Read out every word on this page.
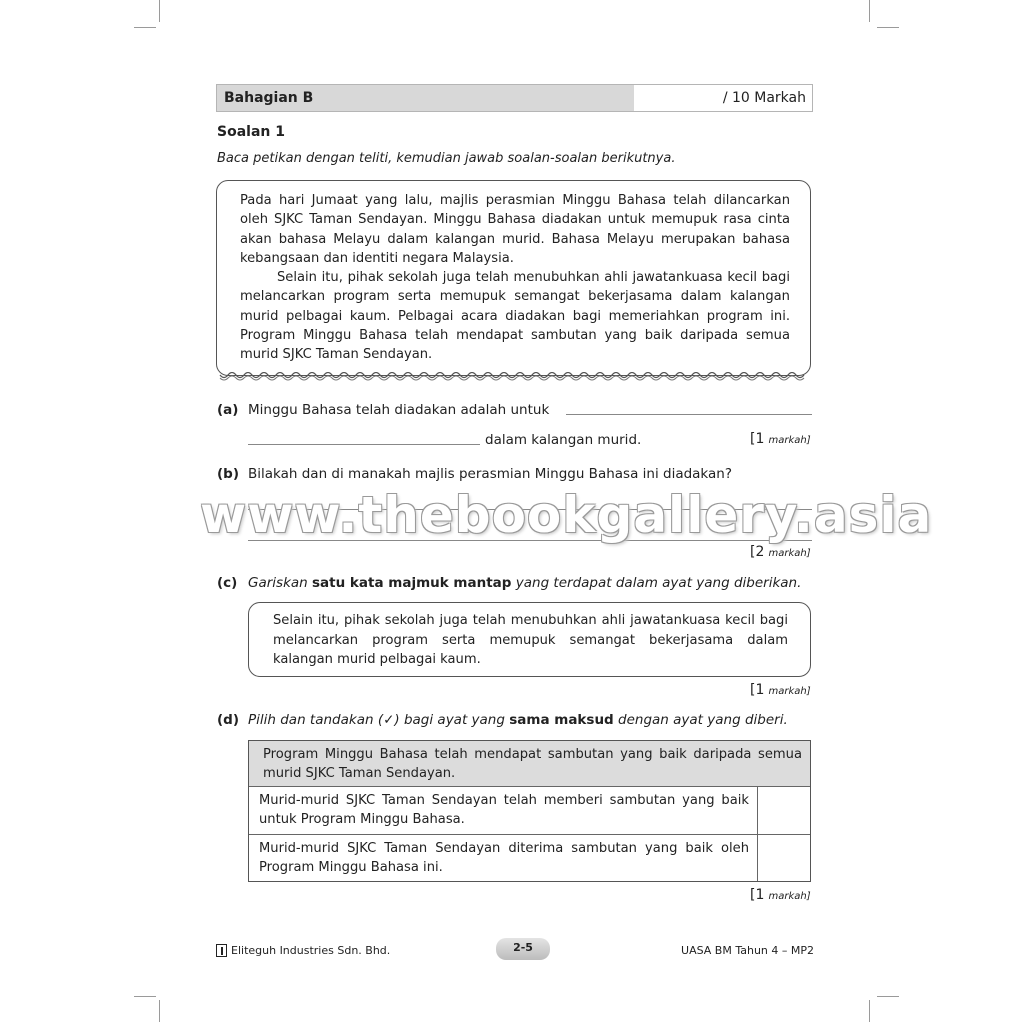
Bahagian B	/ 10 Markah
Soalan 1
Baca petikan dengan teliti, kemudian jawab soalan-soalan berikutnya.

Pada hari Jumaat yang lalu, majlis perasmian Minggu Bahasa telah dilancarkan oleh SJKC Taman Sendayan. Minggu Bahasa diadakan untuk memupuk rasa cinta akan bahasa Melayu dalam kalangan murid. Bahasa Melayu merupakan bahasa kebangsaan dan identiti negara Malaysia.

Selain itu, pihak sekolah juga telah menubuhkan ahli jawatankuasa kecil bagi melancarkan program serta memupuk semangat bekerjasama dalam kalangan murid pelbagai kaum. Pelbagai acara diadakan bagi memeriahkan program ini. Program Minggu Bahasa telah mendapat sambutan yang baik daripada semua murid SJKC Taman Sendayan.

(a) Minggu Bahasa telah diadakan adalah untuk
dalam kalangan murid.	[1 markah]
(b) Bilakah dan di manakah majlis perasmian Minggu Bahasa ini diadakan?
[2 markah]
www.thebookgallery.asia
(c) Gariskan satu kata majmuk mantap yang terdapat dalam ayat yang diberikan.
Selain itu, pihak sekolah juga telah menubuhkan ahli jawatankuasa kecil bagi melancarkan program serta memupuk semangat bekerjasama dalam kalangan murid pelbagai kaum.
[1 markah]
(d) Pilih dan tandakan (✓) bagi ayat yang sama maksud dengan ayat yang diberi.
Program Minggu Bahasa telah mendapat sambutan yang baik daripada semua murid SJKC Taman Sendayan.
Murid-murid SJKC Taman Sendayan telah memberi sambutan yang baik untuk Program Minggu Bahasa.
Murid-murid SJKC Taman Sendayan diterima sambutan yang baik oleh Program Minggu Bahasa ini.
[1 markah]
Eliteguh Industries Sdn. Bhd.	2-5	UASA BM Tahun 4 – MP2
